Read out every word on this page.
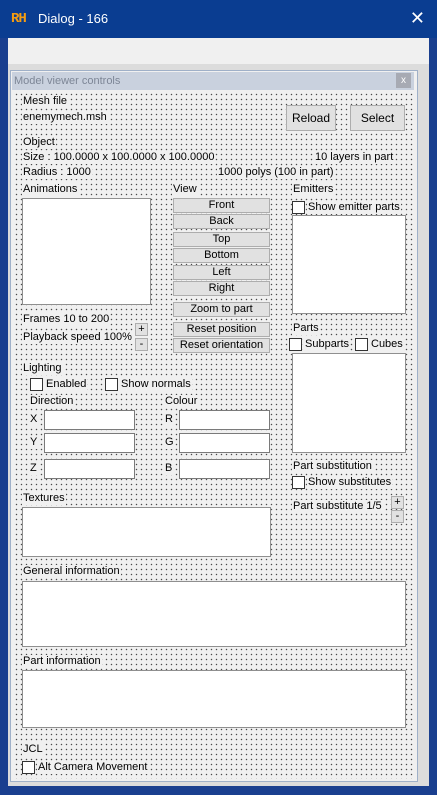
RH Dialog - 166	✕
Model viewer controls	x
Mesh file
enemymech.msh	Reload	Select
Object
Size : 100.0000 x 100.0000 x 100.0000	10 layers in part
Radius : 1000	1000 polys (100 in part)
Animations
Frames 10 to 200
Playback speed 100%
+
-
View
Front
Back
Top
Bottom
Left
Right
Zoom to part
Reset position
Reset orientation
Emitters
Show emitter parts
Parts
Subparts Cubes
Part substitution
Show substitutes
Part substitute 1/5 +
-
Lighting
Enabled	Show normals
Direction	Colour
X	R
Y	G
Z	B
Textures
General information
Part information
JCL
Alt Camera Movement
